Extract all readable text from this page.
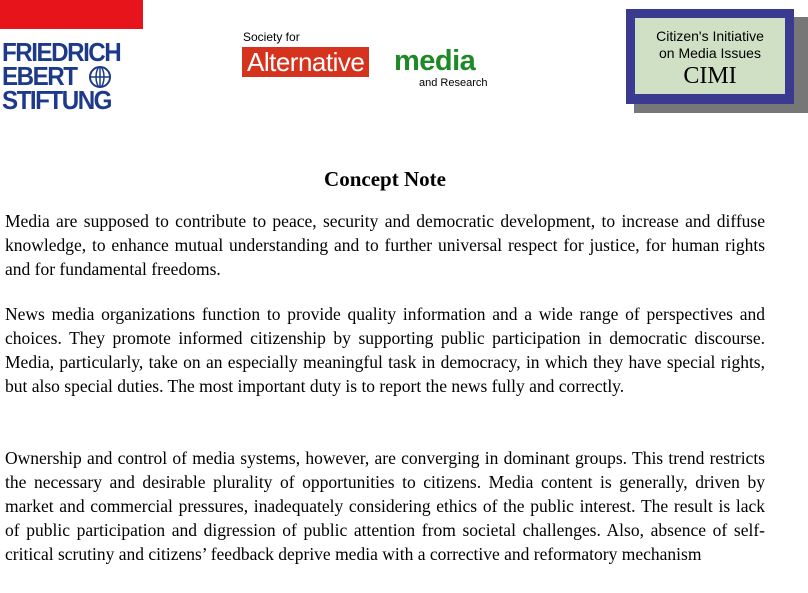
FRIEDRICH
EBERT
STIFTUNG
Society for
Alternative media
and Research
Citizen's Initiative
on Media Issues
CIMI
Concept Note

Media are supposed to contribute to peace, security and democratic development, to increase and diffuse knowledge, to enhance mutual understanding and to further universal respect for justice, for human rights and for fundamental freedoms.

News media organizations function to provide quality information and a wide range of perspectives and choices. They promote informed citizenship by supporting public participation in democratic discourse. Media, particularly, take on an especially meaningful task in democracy, in which they have special rights, but also special duties. The most important duty is to report the news fully and correctly.

Ownership and control of media systems, however, are converging in dominant groups. This trend restricts the necessary and desirable plurality of opportunities to citizens. Media content is generally, driven by market and commercial pressures, inadequately considering ethics of the public interest. The result is lack of public participation and digression of public attention from societal challenges. Also, absence of self-critical scrutiny and citizens’ feedback deprive media with a corrective and reformatory mechanism
